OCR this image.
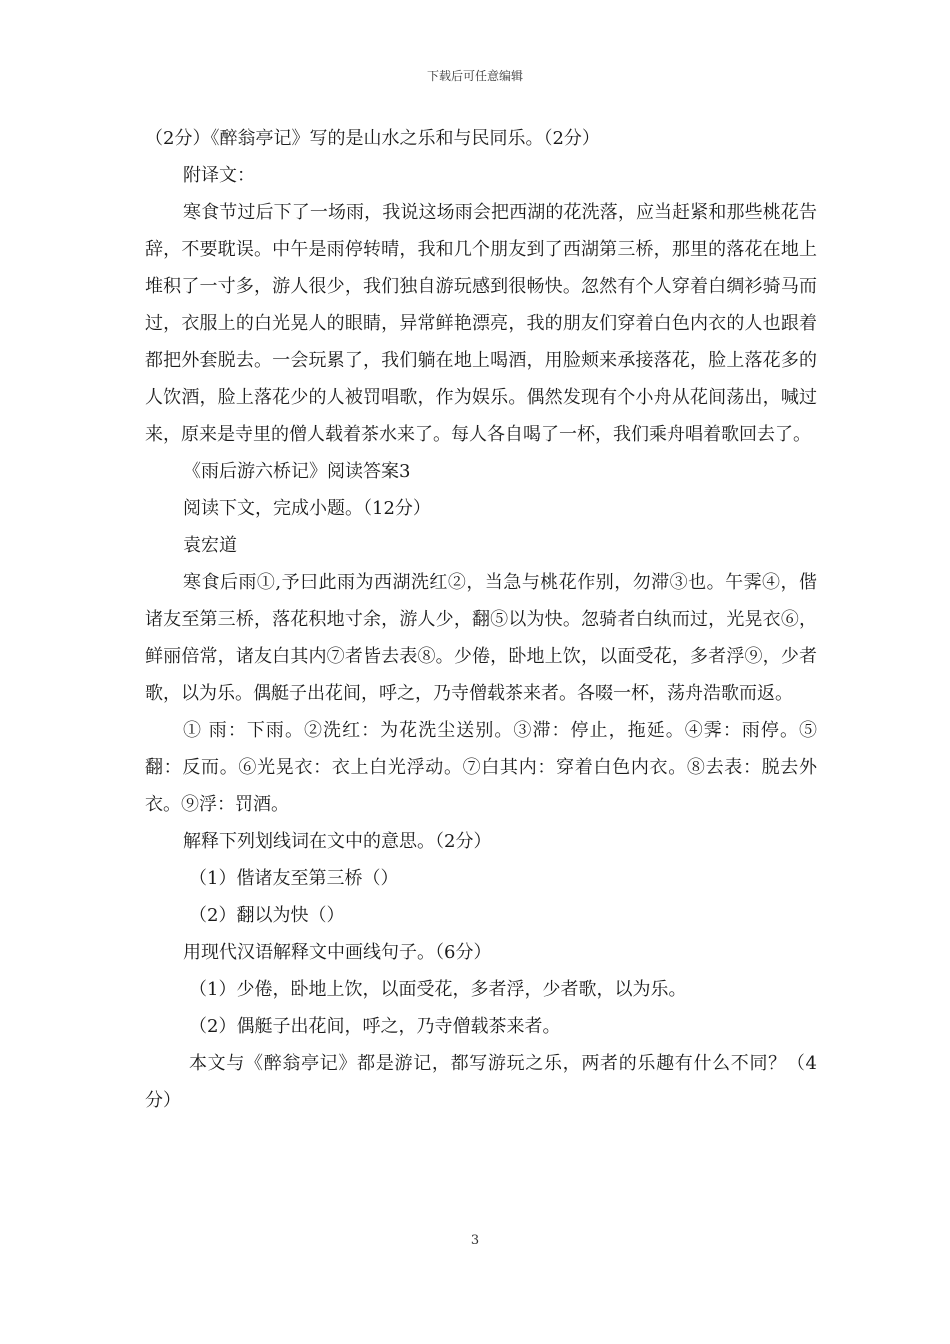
下载后可任意编辑

（2分）《醉翁亭记》写的是山水之乐和与民同乐。（2分）

附译文：

寒食节过后下了一场雨，我说这场雨会把西湖的花洗落，应当赶紧和那些桃花告辞，不要耽误。中午是雨停转晴，我和几个朋友到了西湖第三桥，那里的落花在地上堆积了一寸多，游人很少，我们独自游玩感到很畅快。忽然有个人穿着白绸衫骑马而过，衣服上的白光晃人的眼睛，异常鲜艳漂亮，我的朋友们穿着白色内衣的人也跟着都把外套脱去。一会玩累了，我们躺在地上喝酒，用脸颊来承接落花，脸上落花多的人饮酒，脸上落花少的人被罚唱歌，作为娱乐。偶然发现有个小舟从花间荡出，喊过来，原来是寺里的僧人载着茶水来了。每人各自喝了一杯，我们乘舟唱着歌回去了。

《雨后游六桥记》阅读答案3

阅读下文，完成小题。（12分）

袁宏道

寒食后雨①,予曰此雨为西湖洗红②，当急与桃花作别，勿滞③也。午霁④，偕诸友至第三桥，落花积地寸余，游人少，翻⑤以为快。忽骑者白纨而过，光晃衣⑥，鲜丽倍常，诸友白其内⑦者皆去表⑧。少倦，卧地上饮，以面受花，多者浮⑨，少者歌，以为乐。偶艇子出花间，呼之，乃寺僧载茶来者。各啜一杯，荡舟浩歌而返。

① 雨：下雨。②洗红：为花洗尘送别。③滞：停止，拖延。④霁：雨停。⑤翻：反而。⑥光晃衣：衣上白光浮动。⑦白其内：穿着白色内衣。⑧去表：脱去外衣。⑨浮：罚酒。

解释下列划线词在文中的意思。（2分）

（1）偕诸友至第三桥（）

（2）翻以为快（）

用现代汉语解释文中画线句子。（6分）

（1）少倦，卧地上饮，以面受花，多者浮，少者歌，以为乐。

（2）偶艇子出花间，呼之，乃寺僧载茶来者。

本文与《醉翁亭记》都是游记，都写游玩之乐，两者的乐趣有什么不同？（4分）

3
